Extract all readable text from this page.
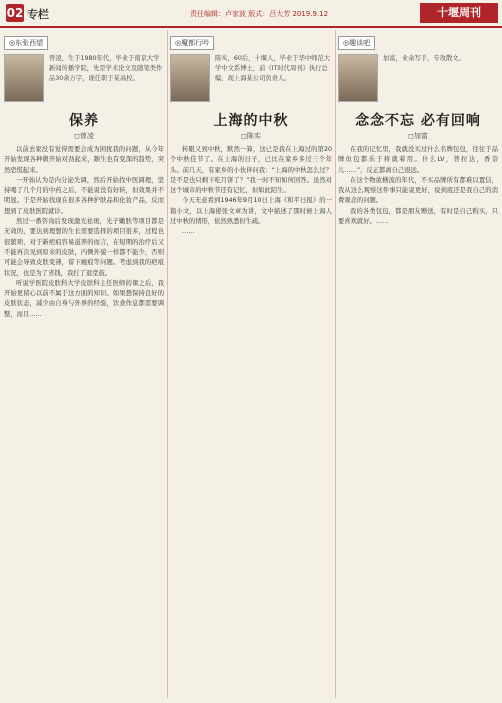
02 专栏	责任编辑：卢家波 版式：吕大芳 2019.9.12	十堰周刊
◎东张西望
曾凌，生于1980年代，毕业于南京大学新闻传播学院，先是学术论文及随笔类作品30余万字，现任职于某高校。
保养
◻曾凌

以前去家没有觉得需要会成为困扰我的问题，从今年开始发现各种微开始对劲起来，颇生也有变深的趋势，突然恐慌起来。

一开始认为是内分泌失调，然后开始找中医调理，坚持喝了几个月的中药之后，不能说没有好转，但效果并不明显。于是开始找现在很多各种护肤品和化妆产品，反而想到了皮肤医院就诊。

然过一番咨询后发现激光祛斑，光子嫩肤等项目都是无效的，要达到理想的生长需要选择的项目很多，过程也很繁琐，对于新疤痕容易滋养的而言，在短期的治疗后又不能再次见到原来的皮肤，内侧外貌一样都不能少，否则可能会导致皮肤变薄，留下瘢痕等问题。考虑到我的疤痕状况，也是为了省钱，我打了退堂鼓。

听说学医院皮肤科大学皮肤科主任医师的课之后，我开始更留心以前不属于这方面的知识。如果想保持良好的皮肤状态，减少由自身与外界的经验，饮食作息都需要调整，而且……

◎魔都行吟
陈实，60后，十堰人，毕业于华中师范大学中文系博士，前《IT时代周刊》执行总编，现上海某公司负责人。
上海的中秋
◻陈实

转眼又到中秋，默然一算，这已是我在上海过的第20个中秋佳节了。在上海的日子，已比在家乡多过三个年头。前几天，有家乡的小伙伴问我：“上海的中秋怎么过？是不是也只剩下吃月饼了？”我一时不知如何回答。虽然对这个城市的中秋节还有记忆，但如此陌生。

今天无意看到1946年9月10日上海《和平日报》的一篇小文，以上海佬张文章为讲，文中描述了那时候上海人过中秋的情形，依然熟悉但生疏。

……

◎趣谈吧
加富，业余写手，专攻散文。
念念不忘 必有回响
◻加富

在我的记忆里，我就没买过什么名牌包包，往往于品牌但包都乐于将就着用。什么LV，普拉达，香奈儿……”，反正都离自己很远。

在这个物欲横流的年代，不买品牌所有都难以置信，我从这么观察这件事只能说更好，说到底还是我自己的消费观念的问题。

我的各类包包，都是朋友赠送，有时是自己购买，只要喜欢就好。……
